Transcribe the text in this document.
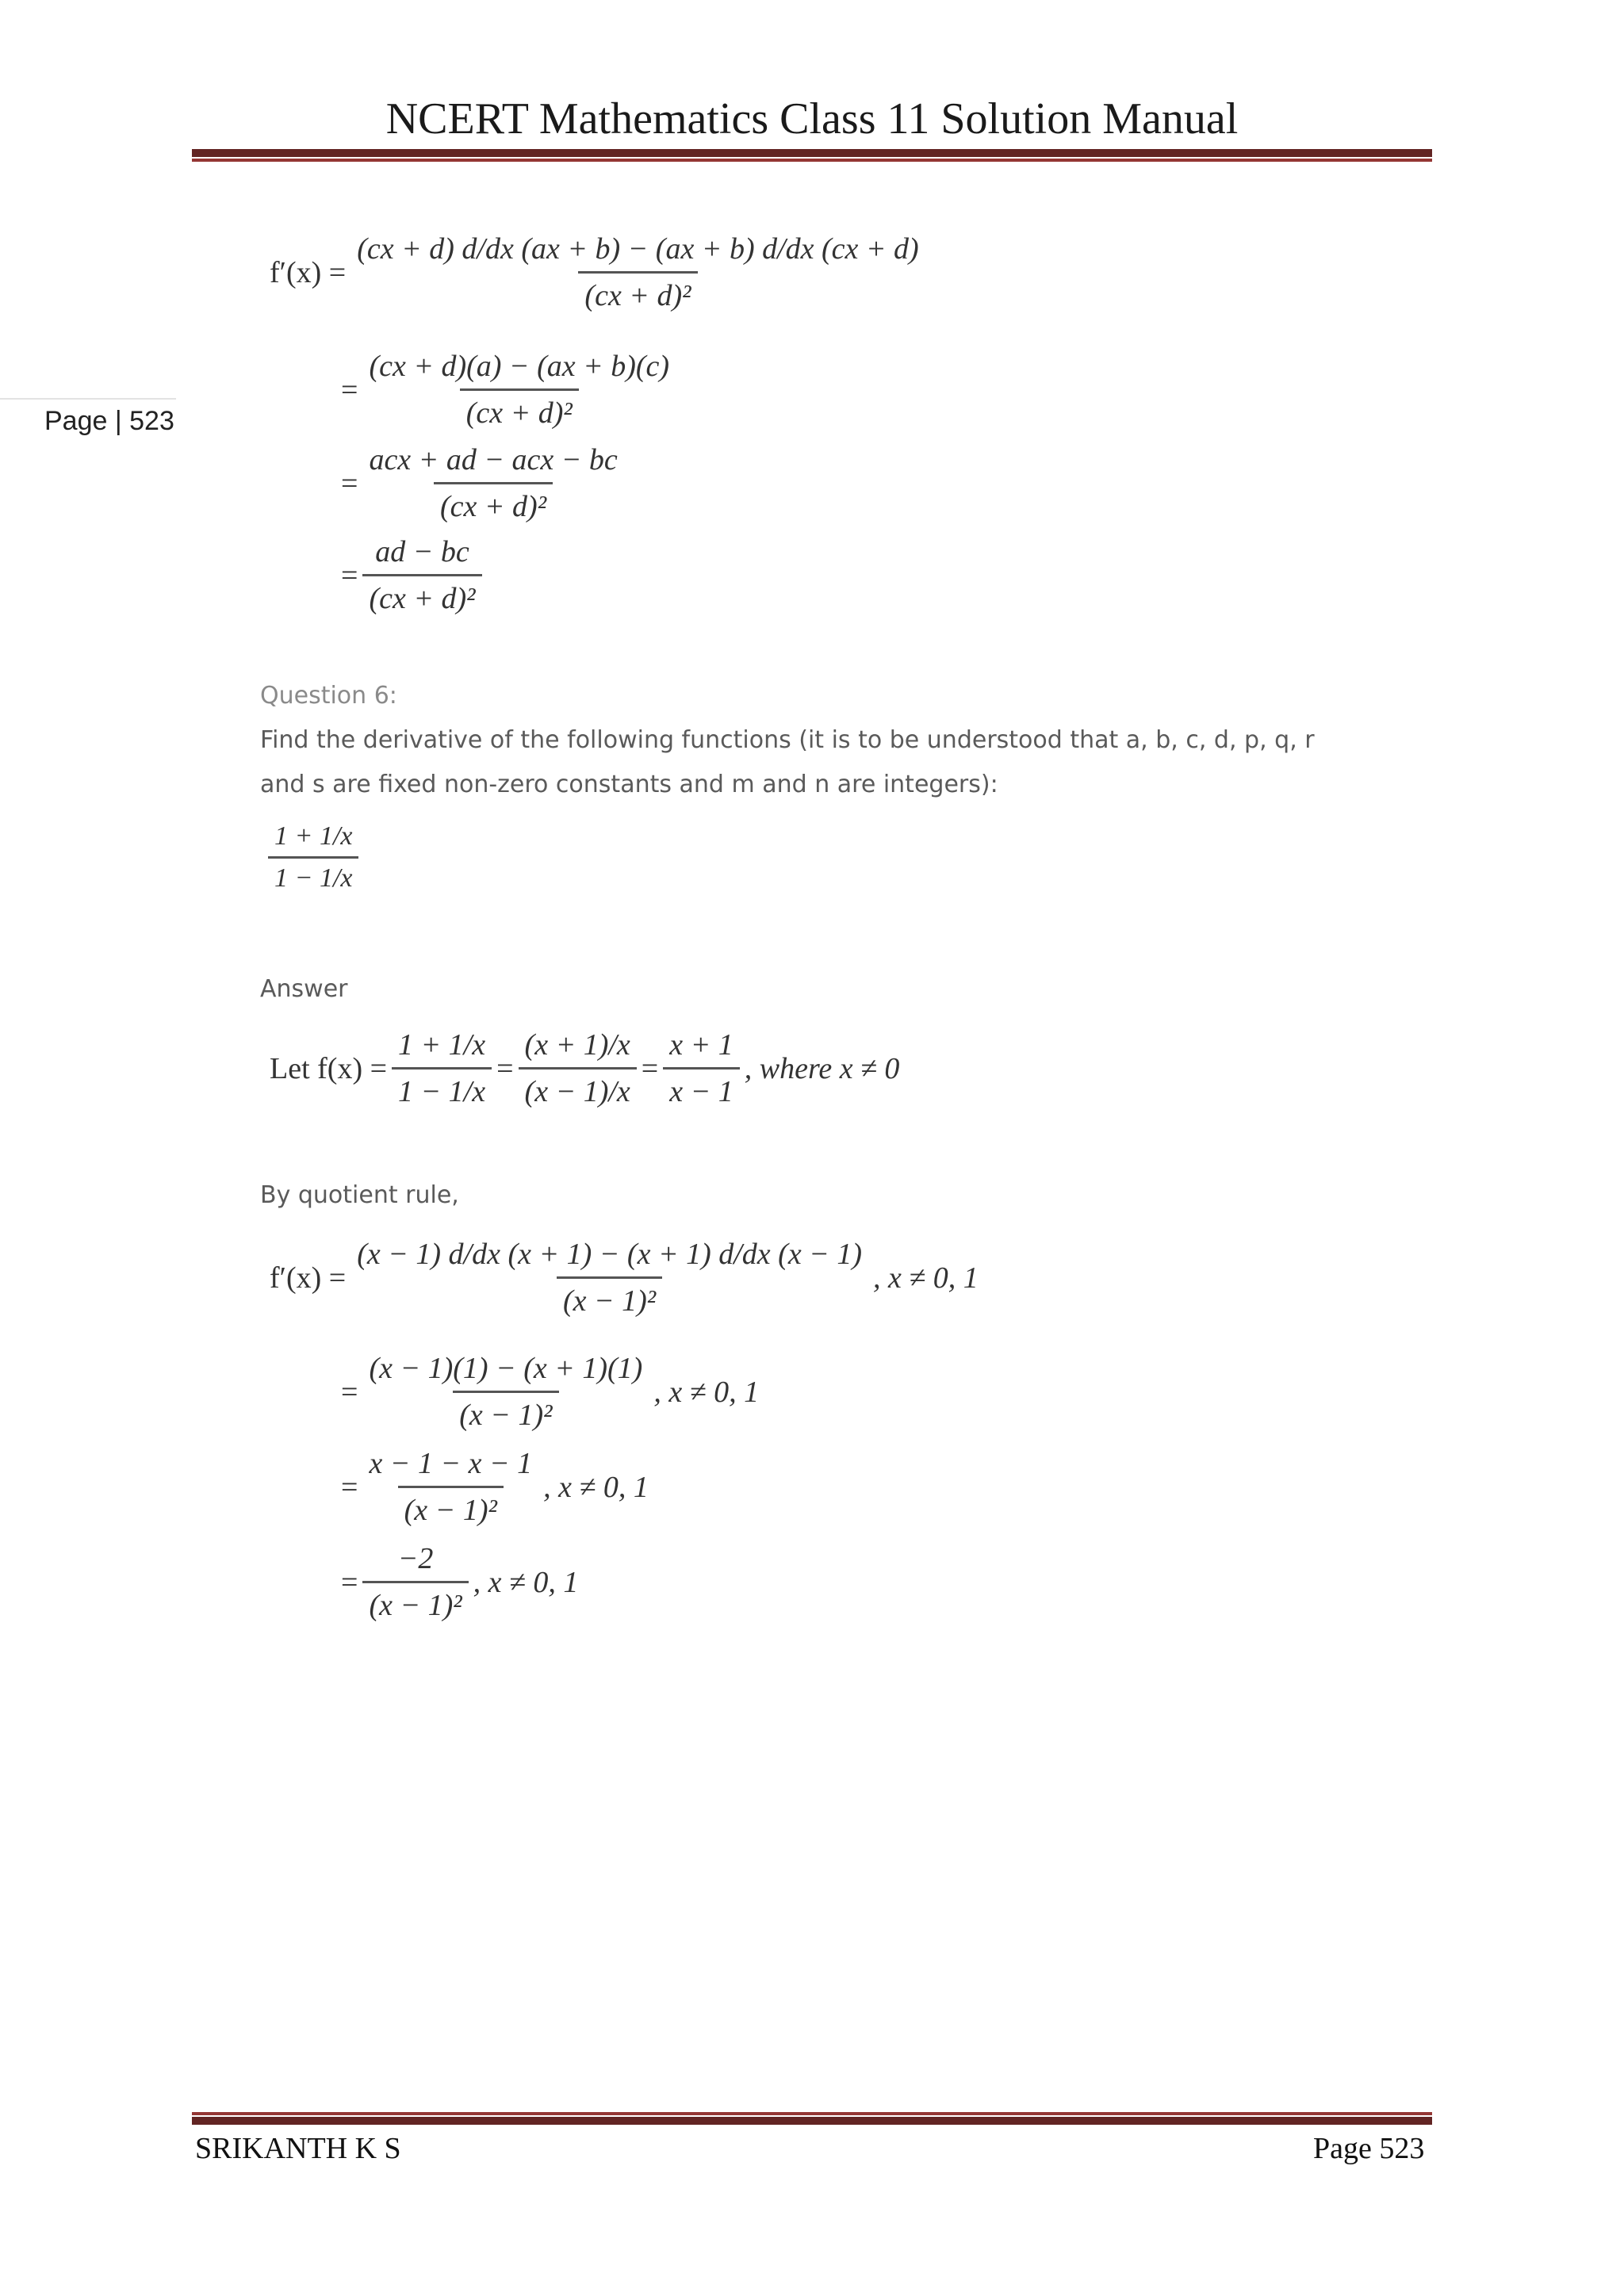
NCERT Mathematics Class 11 Solution Manual
Page | 523
$f'(x) = \frac{(cx + d) d/dx (ax + b) - (ax + b) d/dx (cx + d)}{\text{(cx + d)²}}$
= $\frac{(cx + d)(a) - (ax + b)(c)}{\text{(cx + d)²}}$
= $\frac{\text{acx + ad − acx − bc}}{\text{(cx + d)²}}$
= $\frac{ad - bc}{\text{(cx + d)²}}$
Question 6:
Find the derivative of the following functions (it is to be understood that a, b, c, d, p, q, r
and s are fixed non-zero constants and m and n are integers):
$\frac{1 + 1/x}{1 - 1/x}$
Answer
Let $f(x) = \frac{1 + 1/x}{1 - 1/x} = \frac{(x + 1)/x}{(x - 1)/x} = \frac{x + 1}{x - 1}$ , where x ≠ 0
By quotient rule,
$f'(x) = \frac{(x - 1) d/dx (x + 1) - (x + 1) d/dx (x - 1)}{\text{(x − 1)²}}$ , x ≠ 0, 1
= $\frac{(x - 1)(1) - (x + 1)(1)}{\text{(x − 1)²}}$ , x ≠ 0, 1
= $\frac{x - 1 - x - 1}{\text{(x − 1)²}}$ , x ≠ 0, 1
= $\frac{-2}{\text{(x − 1)²}}$ , x ≠ 0, 1
SRIKANTH K S	Page 523
